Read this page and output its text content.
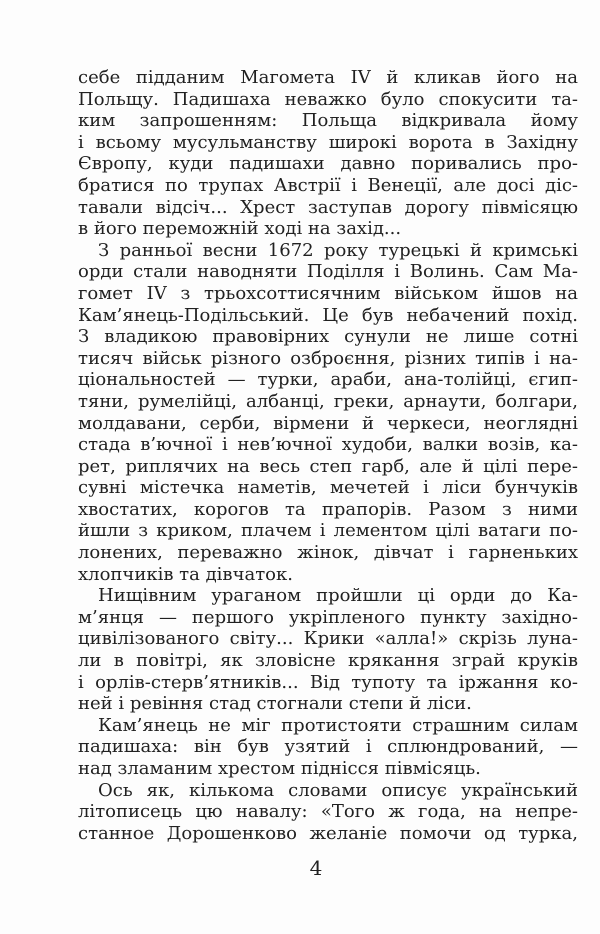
себе підданим Магомета IV й кликав його на
Польщу. Падишаха неважко було спокусити та-
ким запрошенням: Польща відкривала йому
і всьому мусульманству широкі ворота в Західну
Європу, куди падишахи давно поривались про-
братися по трупах Австрії і Венеції, але досі діс-
тавали відсіч... Хрест заступав дорогу півмісяцю
в його переможній ході на захід...
З ранньої весни 1672 року турецькі й кримські
орди стали наводняти Поділля і Волинь. Сам Ма-
гомет IV з трьохсоттисячним військом йшов на
Кам’янець-Подільський. Це був небачений похід.
З владикою правовірних сунули не лише сотні
тисяч військ різного озброєння, різних типів і на-
ціональностей — турки, араби, ана-толійці, єгип-
тяни, румелійці, албанці, греки, арнаути, болгари,
молдавани, серби, вірмени й черкеси, неоглядні
стада в’ючної і нев’ючної худоби, валки возів, ка-
рет, риплячих на весь степ гарб, але й цілі пере-
сувні містечка наметів, мечетей і ліси бунчуків
хвостатих, корогов та прапорів. Разом з ними
йшли з криком, плачем і лементом цілі ватаги по-
лонених, переважно жінок, дівчат і гарненьких
хлопчиків та дівчаток.
Нищівним ураганом пройшли ці орди до Ка-
м’янця — першого укріпленого пункту західно-
цивілізованого світу... Крики «алла!» скрізь луна-
ли в повітрі, як зловісне крякання зграй круків
і орлів-стерв’ятників... Від тупоту та іржання ко-
ней і ревіння стад стогнали степи й ліси.
Кам’янець не міг протистояти страшним силам
падишаха: він був узятий і сплюндрований, —
над зламаним хрестом піднісся півмісяць.
Ось як, кількома словами описує український
літописець цю навалу: «Того ж года, на непре-
станное Дорошенково желаніе помочи од турка,
4
